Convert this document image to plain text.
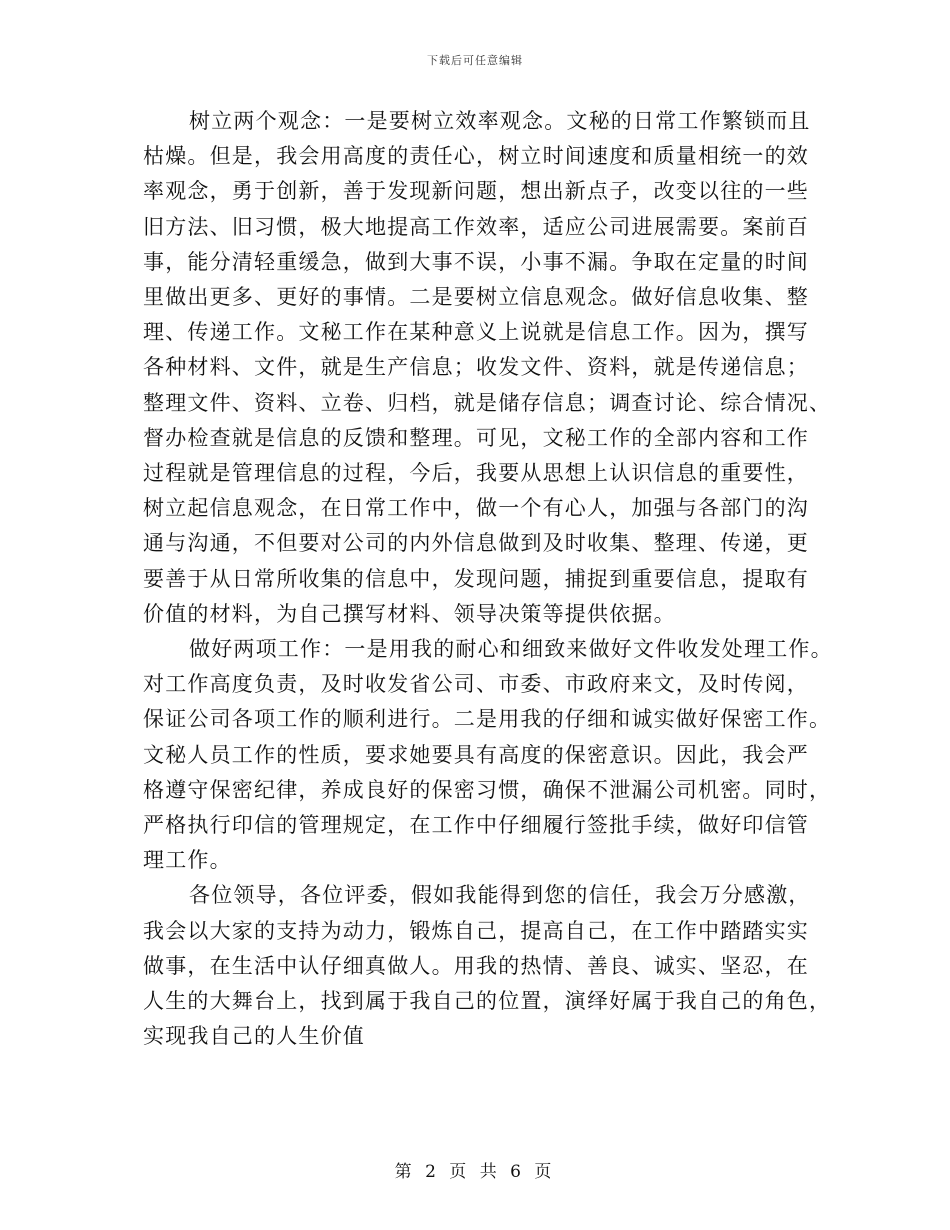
下载后可任意编辑
树立两个观念：一是要树立效率观念。文秘的日常工作繁锁而且
枯燥。但是，我会用高度的责任心，树立时间速度和质量相统一的效
率观念，勇于创新，善于发现新问题，想出新点子，改变以往的一些
旧方法、旧习惯，极大地提高工作效率，适应公司进展需要。案前百
事，能分清轻重缓急，做到大事不误，小事不漏。争取在定量的时间
里做出更多、更好的事情。二是要树立信息观念。做好信息收集、整
理、传递工作。文秘工作在某种意义上说就是信息工作。因为，撰写
各种材料、文件，就是生产信息；收发文件、资料，就是传递信息；
整理文件、资料、立卷、归档，就是储存信息；调查讨论、综合情况、
督办检查就是信息的反馈和整理。可见，文秘工作的全部内容和工作
过程就是管理信息的过程，今后，我要从思想上认识信息的重要性，
树立起信息观念，在日常工作中，做一个有心人，加强与各部门的沟
通与沟通，不但要对公司的内外信息做到及时收集、整理、传递，更
要善于从日常所收集的信息中，发现问题，捕捉到重要信息，提取有
价值的材料，为自己撰写材料、领导决策等提供依据。
做好两项工作：一是用我的耐心和细致来做好文件收发处理工作。
对工作高度负责，及时收发省公司、市委、市政府来文，及时传阅，
保证公司各项工作的顺利进行。二是用我的仔细和诚实做好保密工作。
文秘人员工作的性质，要求她要具有高度的保密意识。因此，我会严
格遵守保密纪律，养成良好的保密习惯，确保不泄漏公司机密。同时，
严格执行印信的管理规定，在工作中仔细履行签批手续，做好印信管
理工作。
各位领导，各位评委，假如我能得到您的信任，我会万分感激，
我会以大家的支持为动力，锻炼自己，提高自己，在工作中踏踏实实
做事，在生活中认仔细真做人。用我的热情、善良、诚实、坚忍，在
人生的大舞台上，找到属于我自己的位置，演绎好属于我自己的角色，
实现我自己的人生价值
第 2 页 共 6 页
